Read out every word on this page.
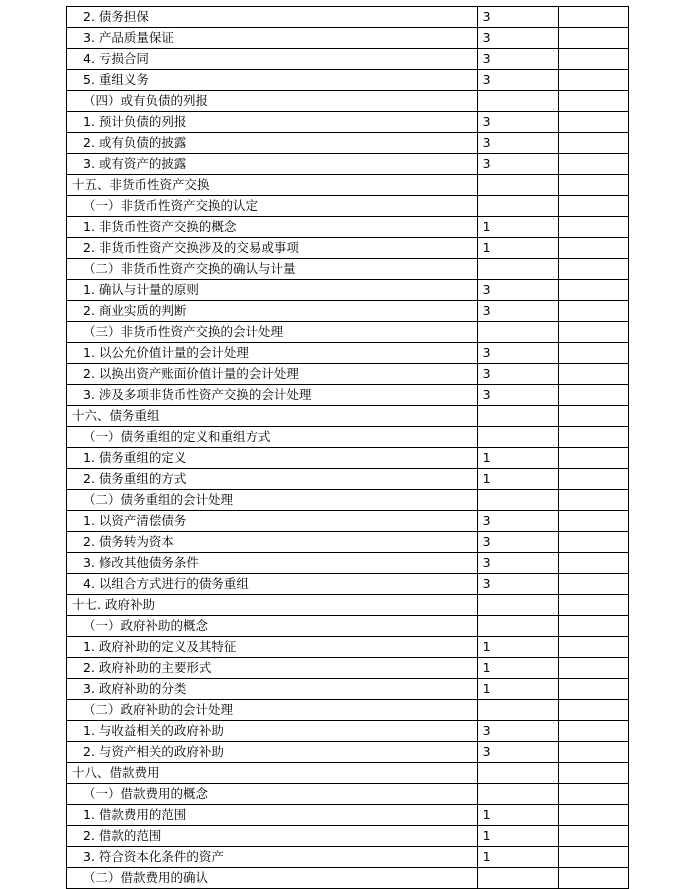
2. 债务担保	3	
3. 产品质量保证	3	
4. 亏损合同	3	
5. 重组义务	3	
（四）或有负债的列报		
1. 预计负债的列报	3	
2. 或有负债的披露	3	
3. 或有资产的披露	3	
十五、非货币性资产交换		
（一）非货币性资产交换的认定		
1. 非货币性资产交换的概念	1	
2. 非货币性资产交换涉及的交易或事项	1	
（二）非货币性资产交换的确认与计量		
1. 确认与计量的原则	3	
2. 商业实质的判断	3	
（三）非货币性资产交换的会计处理		
1. 以公允价值计量的会计处理	3	
2. 以换出资产账面价值计量的会计处理	3	
3. 涉及多项非货币性资产交换的会计处理	3	
十六、债务重组		
（一）债务重组的定义和重组方式		
1. 债务重组的定义	1	
2. 债务重组的方式	1	
（二）债务重组的会计处理		
1. 以资产清偿债务	3	
2. 债务转为资本	3	
3. 修改其他债务条件	3	
4. 以组合方式进行的债务重组	3	
十七. 政府补助		
（一）政府补助的概念		
1. 政府补助的定义及其特征	1	
2. 政府补助的主要形式	1	
3. 政府补助的分类	1	
（二）政府补助的会计处理		
1. 与收益相关的政府补助	3	
2. 与资产相关的政府补助	3	
十八、借款费用		
（一）借款费用的概念		
1. 借款费用的范围	1	
2. 借款的范围	1	
3. 符合资本化条件的资产	1	
（二）借款费用的确认		
